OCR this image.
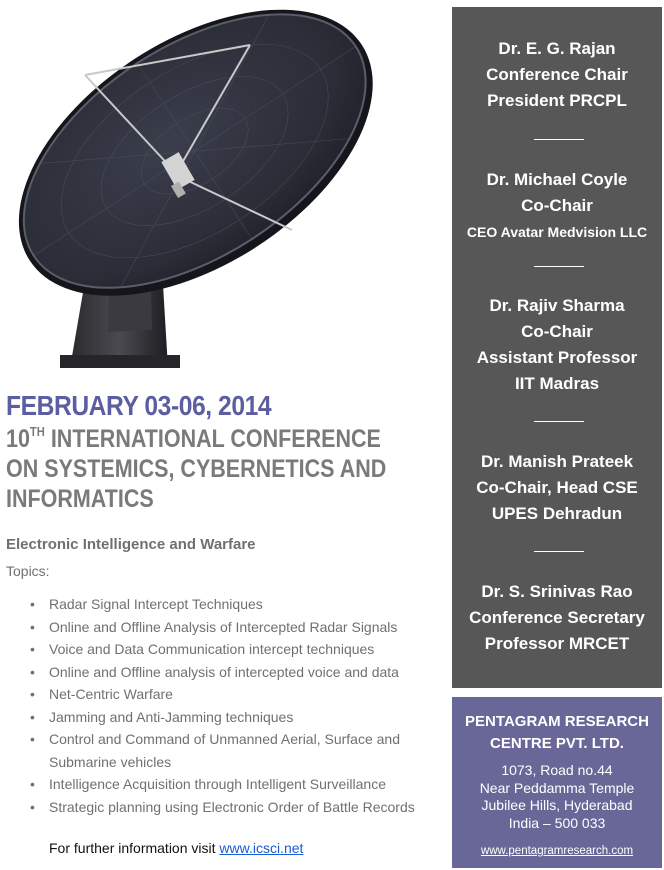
FEBRUARY 03-06, 2014
10TH INTERNATIONAL CONFERENCE ON SYSTEMICS, CYBERNETICS AND INFORMATICS
Electronic Intelligence and Warfare
Topics:
• Radar Signal Intercept Techniques
• Online and Offline Analysis of Intercepted Radar Signals
• Voice and Data Communication intercept techniques
• Online and Offline analysis of intercepted voice and data
• Net-Centric Warfare
• Jamming and Anti-Jamming techniques
• Control and Command of Unmanned Aerial, Surface and Submarine vehicles
• Intelligence Acquisition through Intelligent Surveillance
• Strategic planning using Electronic Order of Battle Records
For further information visit www.icsci.net
Dr. E. G. Rajan
Conference Chair
President PRCPL
Dr. Michael Coyle
Co-Chair
CEO Avatar Medvision LLC
Dr. Rajiv Sharma
Co-Chair
Assistant Professor
IIT Madras
Dr. Manish Prateek
Co-Chair, Head CSE
UPES Dehradun
Dr. S. Srinivas Rao
Conference Secretary
Professor MRCET
PENTAGRAM RESEARCH
CENTRE PVT. LTD.
1073, Road no.44
Near Peddamma Temple
Jubilee Hills, Hyderabad
India – 500 033
www.pentagramresearch.com
